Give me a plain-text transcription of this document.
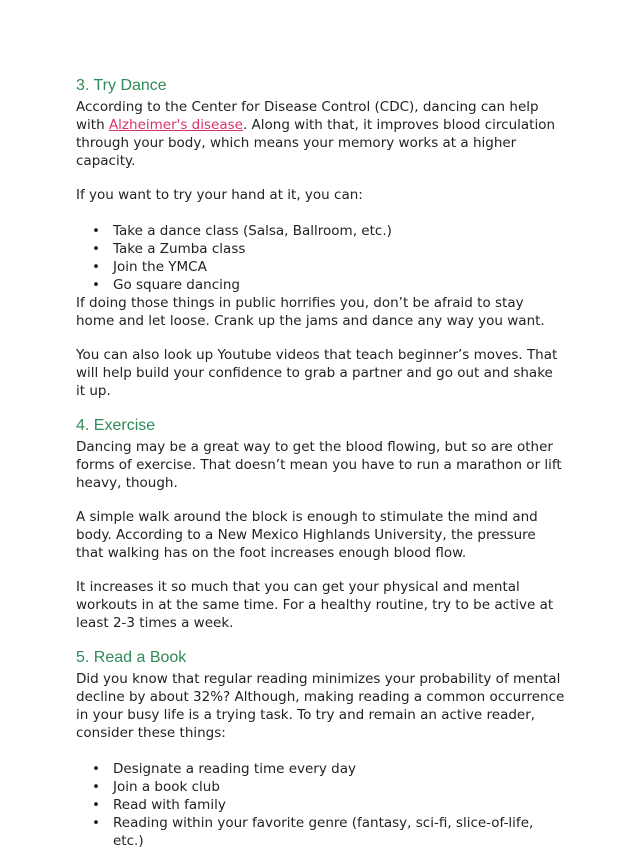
3. Try Dance

According to the Center for Disease Control (CDC), dancing can help with Alzheimer's disease. Along with that, it improves blood circulation through your body, which means your memory works at a higher capacity.

If you want to try your hand at it, you can:

• Take a dance class (Salsa, Ballroom, etc.)
• Take a Zumba class
• Join the YMCA
• Go square dancing

If doing those things in public horrifies you, don’t be afraid to stay home and let loose. Crank up the jams and dance any way you want.

You can also look up Youtube videos that teach beginner’s moves. That will help build your confidence to grab a partner and go out and shake it up.

4. Exercise

Dancing may be a great way to get the blood flowing, but so are other forms of exercise. That doesn’t mean you have to run a marathon or lift heavy, though.

A simple walk around the block is enough to stimulate the mind and body. According to a New Mexico Highlands University, the pressure that walking has on the foot increases enough blood flow.

It increases it so much that you can get your physical and mental workouts in at the same time. For a healthy routine, try to be active at least 2-3 times a week.

5. Read a Book

Did you know that regular reading minimizes your probability of mental decline by about 32%? Although, making reading a common occurrence in your busy life is a trying task. To try and remain an active reader, consider these things:

• Designate a reading time every day
• Join a book club
• Read with family
• Reading within your favorite genre (fantasy, sci-fi, slice-of-life, etc.)
